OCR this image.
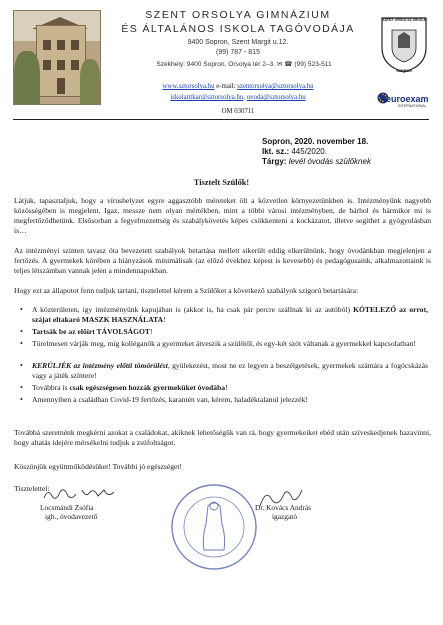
SZENT ORSOLYA GIMNÁZIUM
ÉS ÁLTALÁNOS ISKOLA TAGÓVODÁJA
9400 Sopron, Szent Margit u.12.
(99) 787 - 815
Székhely: 9400 Sopron, Orsolya tér 2–3. ✉ ☎ (99) 523-511
www.sztorsolya.hu e-mail: szentorsolya@sztorsolya.hu
iskolatitkar@sztorsolya.hu, ovoda@sztorsolya.hu
OM 030711
SZENT ORSOLYA ISKOLA
SOPRON
euroexam
INTERNATIONAL
Sopron, 2020. november 18.
Ikt. sz.: 445/2020.
Tárgy: levél óvodás szülőknek
Tisztelt Szülők!
Látjuk, tapasztaljuk, hogy a vírushelyzet egyre aggasztóbb méreteket ölt a közvetlen környezetünkben is. Intézményünk nagyobb közösségében is megjelent. Igaz, messze nem olyan mértékben, mint a többi városi intézményben, de bárhol és bármikor mi is megfertőződhetünk. Elsősorban a fegyelmezettség és szabálykövetés képes csökkenteni a kockázatot, illetve segíthet a gyógyulásban is…
Az intézményi szinten tavasz óta bevezetett szabályok betartása mellett sikerült eddig elkerülnünk, hogy óvodánkban megjelenjen a fertőzés. A gyermekek körében a hiányzások minimálisak (az előző évekhez képest is kevesebb) és pedagógusaink, alkalmazottaink is teljes létszámban vannak jelen a mindennapokban.
Hogy ezt az állapotot fenn tudjuk tartani, tisztelettel kérem a Szülőket a következő szabályok szigorú betartására:
• A közterületen, így intézményünk kapujában is (akkor is, ha csak pár percre szállnak ki az autóból) KÖTELEZŐ az orrot, szájat eltakaró MASZK HASZNÁLATA!
• Tartsák be az előírt TÁVOLSÁGOT!
• Türelmesen várják meg, míg kolléganők a gyermeket átveszik a szülőtől, és egy-két szót váltanak a gyermekkel kapcsolatban!
• KERÜLJÉK az intézmény előtti tömörülést, gyülekezést, most ne ez legyen a beszélgetések, gyermekek számára a fogócskázás vagy a játék színtere!
• Továbbra is csak egészségesen hozzák gyermeküket óvodába!
• Amennyiben a családban Covid-19 fertőzés, karantén van, kérem, haladéktalanul jelezzék!
Továbbá szeretnénk megkérni azokat a családokat, akiknek lehetőségük van rá, hogy gyermekeiket ebéd után szíveskedjenek hazavinni, hogy altatás idejére mérsékelni tudjuk a zsúfoltságot.
Köszönjük együttműködésüket! További jó egészséget!
Tisztelettel:
Locsmándi Zsófia
igh., óvodavezető
Dr. Kovács András
igazgató
